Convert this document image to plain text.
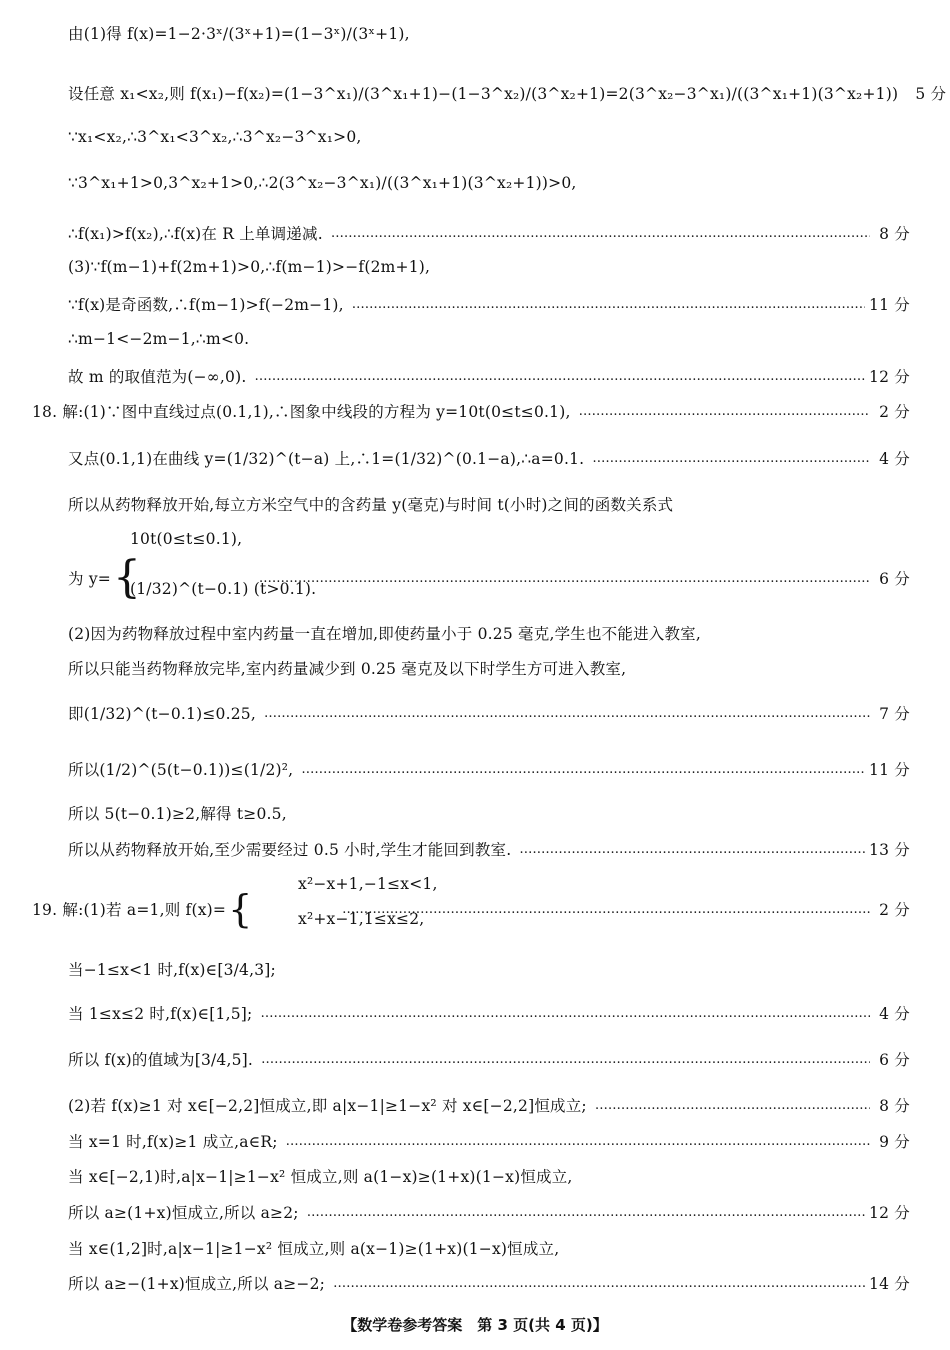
由(1)得 f(x)=1−2·3ˣ/(3ˣ+1)=(1−3ˣ)/(3ˣ+1),
设任意 x₁<x₂,则 f(x₁)−f(x₂)=(1−3^x₁)/(3^x₁+1)−(1−3^x₂)/(3^x₂+1)=2(3^x₂−3^x₁)/((3^x₁+1)(3^x₂+1))	5 分
∵x₁<x₂,∴3^x₁<3^x₂,∴3^x₂−3^x₁>0,
∵3^x₁+1>0,3^x₂+1>0,∴2(3^x₂−3^x₁)/((3^x₁+1)(3^x₂+1))>0,
∴f(x₁)>f(x₂),∴f(x)在 R 上单调递减. ……………………………………………………………………………………………………………………………………………………………………………………………………………………………………………	8 分
(3)∵f(m−1)+f(2m+1)>0,∴f(m−1)>−f(2m+1),
∵f(x)是奇函数,∴f(m−1)>f(−2m−1), ……………………………………………………………………………………………………………………………………………………………………………………………………………………………………………	11 分
∴m−1<−2m−1,∴m<0.
故 m 的取值范为(−∞,0). ……………………………………………………………………………………………………………………………………………………………………………………………………………………………………………	12 分
18. 解:(1)∵图中直线过点(0.1,1),∴图象中线段的方程为 y=10t(0≤t≤0.1), ……………………………………………………………………………………………………………………………………………………………………………………………………………………………………………	2 分
又点(0.1,1)在曲线 y=(1/32)^(t−a) 上,∴1=(1/32)^(0.1−a),∴a=0.1. ……………………………………………………………………………………………………………………………………………………………………………………………………………………………………………	4 分
所以从药物释放开始,每立方米空气中的含药量 y(毫克)与时间 t(小时)之间的函数关系式
10t(0≤t≤0.1),
为 y= { ……………………………………………………………………………………………………………………………………………………………………………………………………………………………………………	6 分
(1/32)^(t−0.1) (t>0.1).
(2)因为药物释放过程中室内药量一直在增加,即使药量小于 0.25 毫克,学生也不能进入教室,
所以只能当药物释放完毕,室内药量减少到 0.25 毫克及以下时学生方可进入教室,
即(1/32)^(t−0.1)≤0.25, ……………………………………………………………………………………………………………………………………………………………………………………………………………………………………………	7 分
所以(1/2)^(5(t−0.1))≤(1/2)², ……………………………………………………………………………………………………………………………………………………………………………………………………………………………………………	11 分
所以 5(t−0.1)≥2,解得 t≥0.5,
所以从药物释放开始,至少需要经过 0.5 小时,学生才能回到教室. ……………………………………………………………………………………………………………………………………………………………………………………………………………………………………………	13 分
x²−x+1,−1≤x<1,
19. 解:(1)若 a=1,则 f(x)= { ……………………………………………………………………………………………………………………………………………………………………………………………………………………………………………	2 分
x²+x−1,1≤x≤2,
当−1≤x<1 时,f(x)∈[3/4,3];
当 1≤x≤2 时,f(x)∈[1,5]; ……………………………………………………………………………………………………………………………………………………………………………………………………………………………………………	4 分
所以 f(x)的值域为[3/4,5]. ……………………………………………………………………………………………………………………………………………………………………………………………………………………………………………	6 分
(2)若 f(x)≥1 对 x∈[−2,2]恒成立,即 a|x−1|≥1−x² 对 x∈[−2,2]恒成立; ……………………………………………………………………………………………………………………………………………………………………………………………………………………………………………	8 分
当 x=1 时,f(x)≥1 成立,a∈R; ……………………………………………………………………………………………………………………………………………………………………………………………………………………………………………	9 分
当 x∈[−2,1)时,a|x−1|≥1−x² 恒成立,则 a(1−x)≥(1+x)(1−x)恒成立,
所以 a≥(1+x)恒成立,所以 a≥2; ……………………………………………………………………………………………………………………………………………………………………………………………………………………………………………	12 分
当 x∈(1,2]时,a|x−1|≥1−x² 恒成立,则 a(x−1)≥(1+x)(1−x)恒成立,
所以 a≥−(1+x)恒成立,所以 a≥−2; ……………………………………………………………………………………………………………………………………………………………………………………………………………………………………………	14 分
【数学卷参考答案　第 3 页(共 4 页)】
